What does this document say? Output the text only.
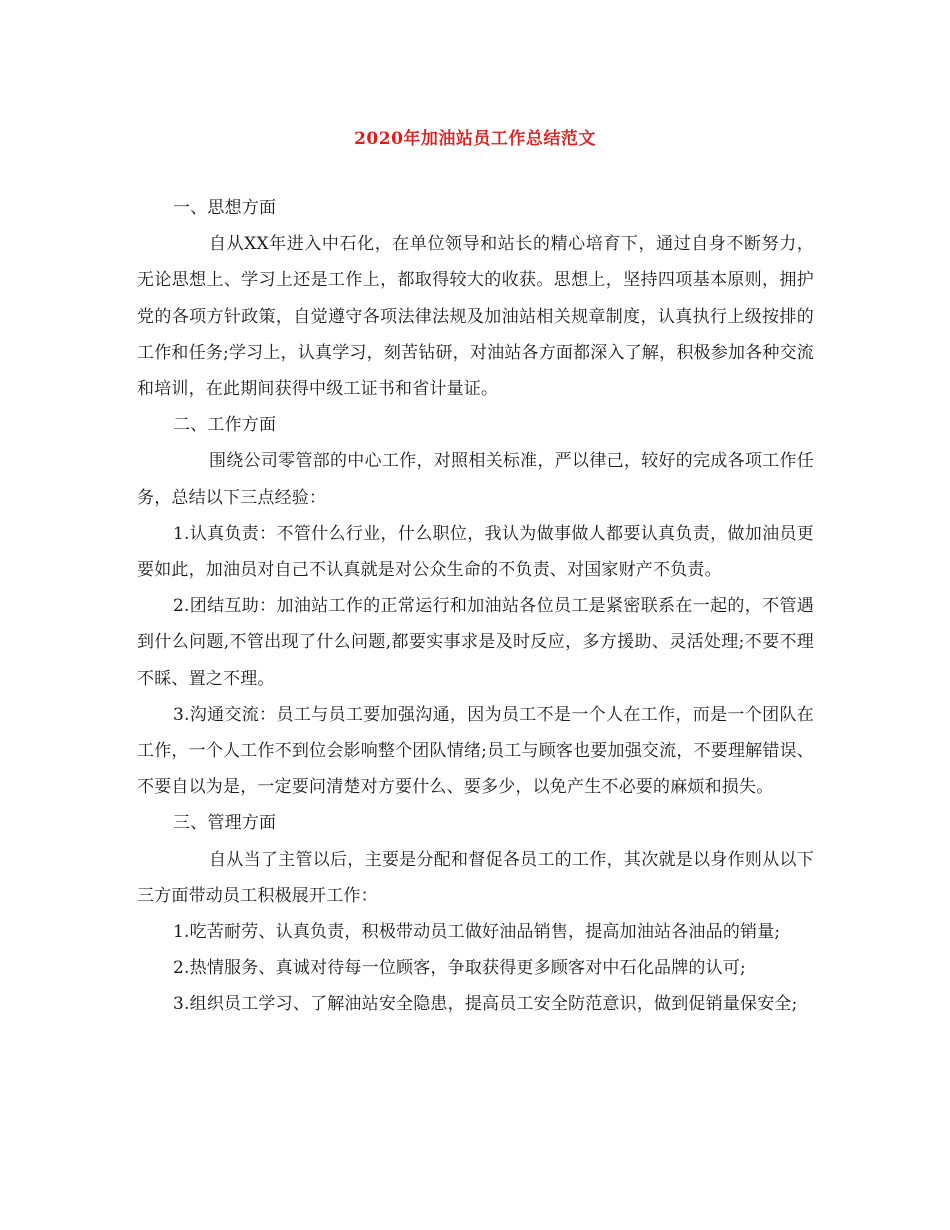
2020年加油站员工作总结范文

一、思想方面

自从XX年进入中石化，在单位领导和站长的精心培育下，通过自身不断努力，无论思想上、学习上还是工作上，都取得较大的收获。思想上，坚持四项基本原则，拥护党的各项方针政策，自觉遵守各项法律法规及加油站相关规章制度，认真执行上级按排的工作和任务;学习上，认真学习，刻苦钻研，对油站各方面都深入了解，积极参加各种交流和培训，在此期间获得中级工证书和省计量证。

二、工作方面

围绕公司零管部的中心工作，对照相关标准，严以律己，较好的完成各项工作任务，总结以下三点经验：

1.认真负责：不管什么行业，什么职位，我认为做事做人都要认真负责，做加油员更要如此，加油员对自己不认真就是对公众生命的不负责、对国家财产不负责。

2.团结互助：加油站工作的正常运行和加油站各位员工是紧密联系在一起的，不管遇到什么问题,不管出现了什么问题,都要实事求是及时反应，多方援助、灵活处理;不要不理不睬、置之不理。

3.沟通交流：员工与员工要加强沟通，因为员工不是一个人在工作，而是一个团队在工作，一个人工作不到位会影响整个团队情绪;员工与顾客也要加强交流，不要理解错误、不要自以为是，一定要问清楚对方要什么、要多少，以免产生不必要的麻烦和损失。

三、管理方面

自从当了主管以后，主要是分配和督促各员工的工作，其次就是以身作则从以下三方面带动员工积极展开工作：

1.吃苦耐劳、认真负责，积极带动员工做好油品销售，提高加油站各油品的销量;

2.热情服务、真诚对待每一位顾客，争取获得更多顾客对中石化品牌的认可;

3.组织员工学习、了解油站安全隐患，提高员工安全防范意识，做到促销量保安全;
